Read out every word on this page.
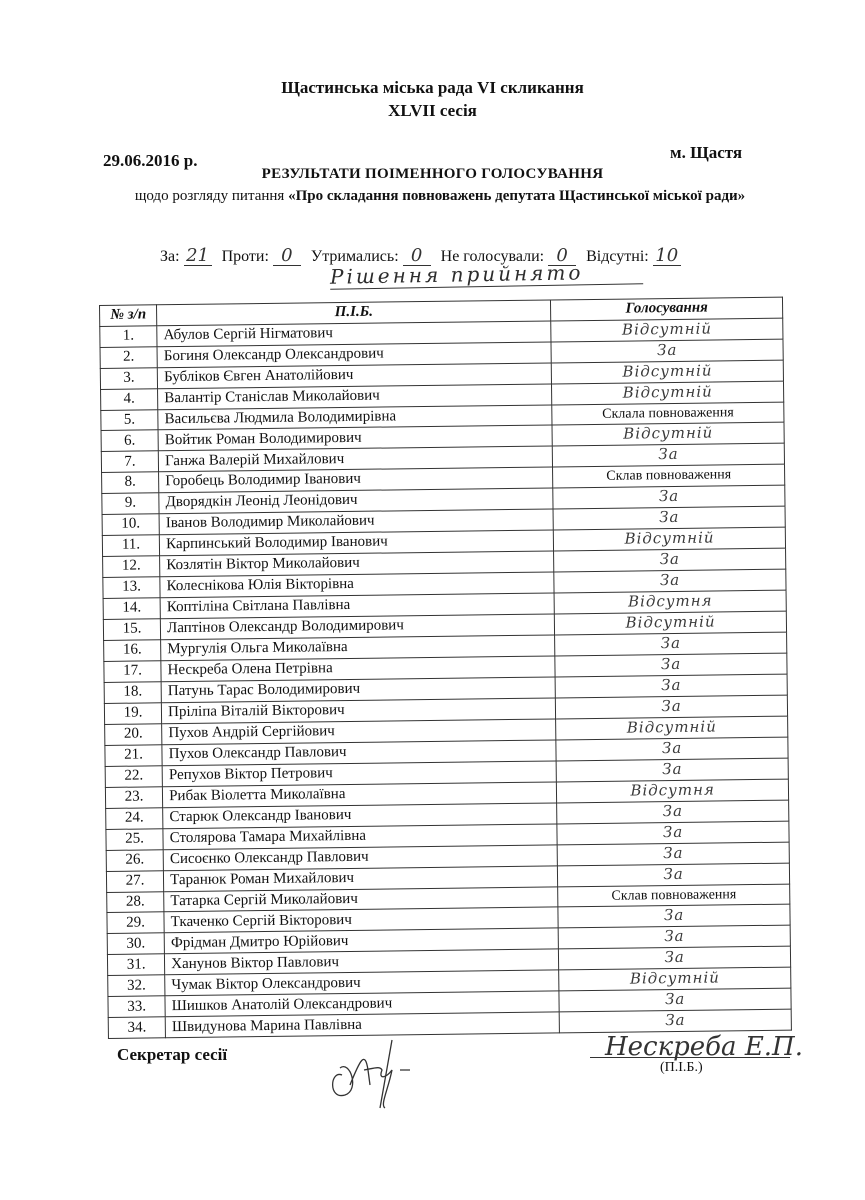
Щастинська міська рада VI скликання
XLVII сесія
29.06.2016 р.	м. Щастя
РЕЗУЛЬТАТИ ПОІМЕННОГО ГОЛОСУВАННЯ
щодо розгляду питання «Про складання повноважень депутата Щастинської міської ради»
За: 21 Проти: 0 Утримались: 0 Не голосували: 0 Відсутні: 10
Рішення прийнято
№ з/п	П.І.Б.	Голосування
1.	Абулов Сергій Нігматович	Відсутній
2.	Богиня Олександр Олександрович	За
3.	Бубліков Євген Анатолійович	Відсутній
4.	Валантір Станіслав Миколайович	Відсутній
5.	Васильєва Людмила Володимирівна	Склала повноваження
6.	Войтик Роман Володимирович	Відсутній
7.	Ганжа Валерій Михайлович	За
8.	Горобець Володимир Іванович	Склав повноваження
9.	Дворядкін Леонід Леонідович	За
10.	Іванов Володимир Миколайович	За
11.	Карпинський Володимир Іванович	Відсутній
12.	Козлятін Віктор Миколайович	За
13.	Колеснікова Юлія Вікторівна	За
14.	Коптіліна Світлана Павлівна	Відсутня
15.	Лаптінов Олександр Володимирович	Відсутній
16.	Мургулія Ольга Миколаївна	За
17.	Нескреба Олена Петрівна	За
18.	Патунь Тарас Володимирович	За
19.	Пріліпа Віталій Вікторович	За
20.	Пухов Андрій Сергійович	Відсутній
21.	Пухов Олександр Павлович	За
22.	Репухов Віктор Петрович	За
23.	Рибак Віолетта Миколаївна	Відсутня
24.	Старюк Олександр Іванович	За
25.	Столярова Тамара Михайлівна	За
26.	Сисоєнко Олександр Павлович	За
27.	Таранюк Роман Михайлович	За
28.	Татарка Сергій Миколайович	Склав повноваження
29.	Ткаченко Сергій Вікторович	За
30.	Фрідман Дмитро Юрійович	За
31.	Ханунов Віктор Павлович	За
32.	Чумак Віктор Олександрович	Відсутній
33.	Шишков Анатолій Олександрович	За
34.	Швидунова Марина Павлівна	За
Секретар сесії	Нескреба Е.П.
(П.І.Б.)
